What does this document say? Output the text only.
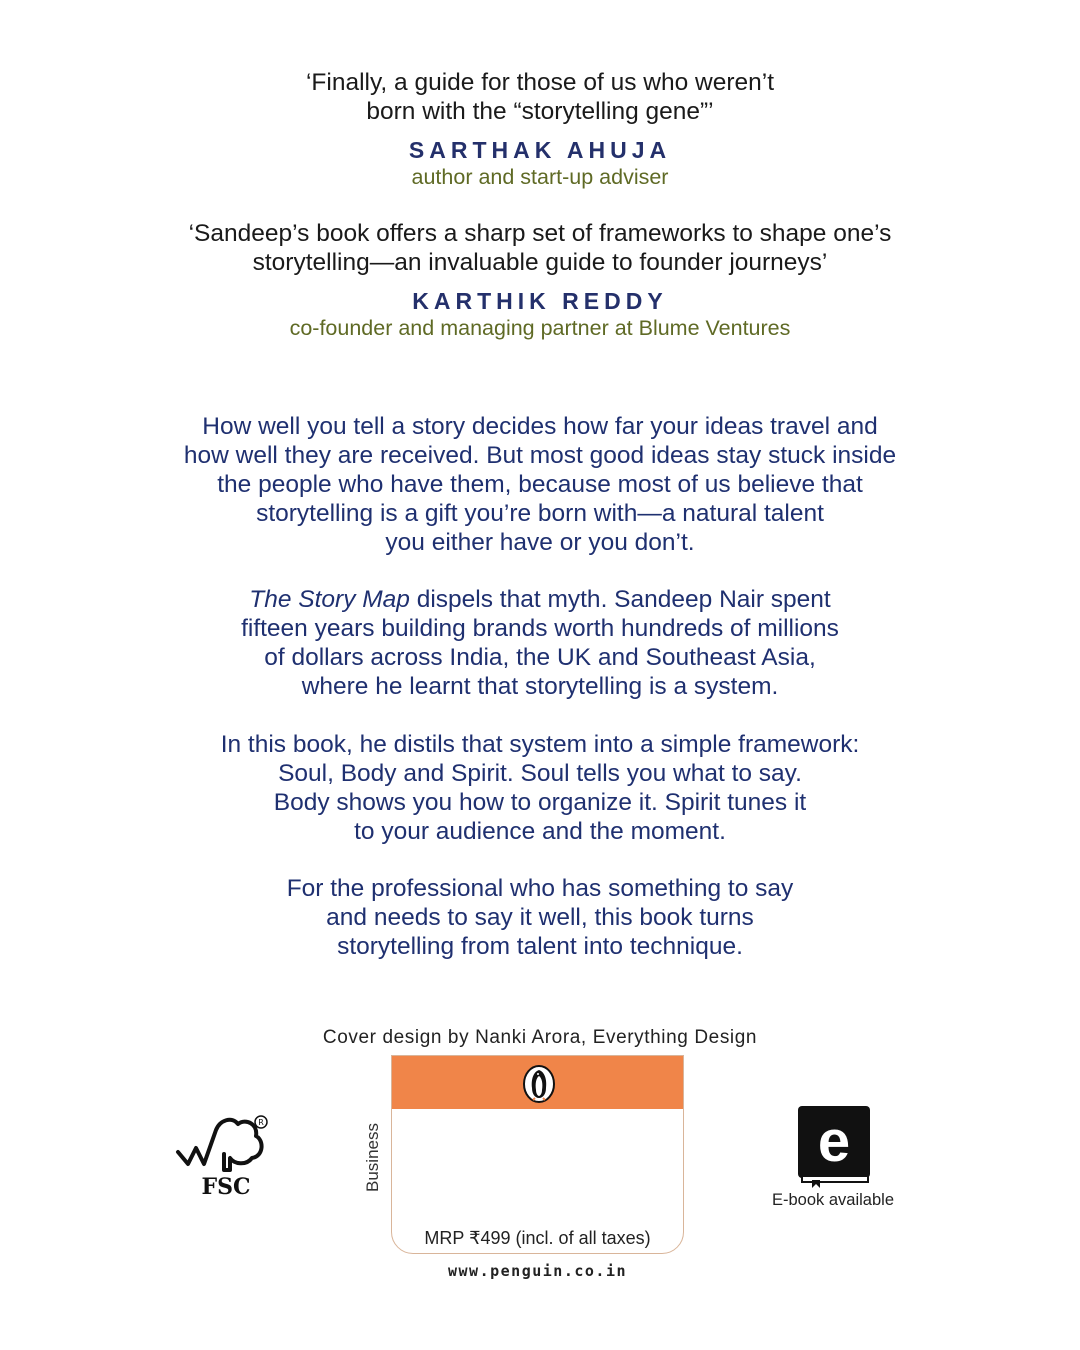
‘Finally, a guide for those of us who weren’t
born with the “storytelling gene”’
SARTHAK AHUJA
author and start-up adviser
‘Sandeep’s book offers a sharp set of frameworks to shape one’s
storytelling—an invaluable guide to founder journeys’
KARTHIK REDDY
co-founder and managing partner at Blume Ventures
How well you tell a story decides how far your ideas travel and
how well they are received. But most good ideas stay stuck inside
the people who have them, because most of us believe that
storytelling is a gift you’re born with—a natural talent
you either have or you don’t.
The Story Map dispels that myth. Sandeep Nair spent
fifteen years building brands worth hundreds of millions
of dollars across India, the UK and Southeast Asia,
where he learnt that storytelling is a system.
In this book, he distils that system into a simple framework:
Soul, Body and Spirit. Soul tells you what to say.
Body shows you how to organize it. Spirit tunes it
to your audience and the moment.
For the professional who has something to say
and needs to say it well, this book turns
storytelling from talent into technique.
Cover design by Nanki Arora, Everything Design
R
FSC	Business
MRP ₹499 (incl. of all taxes)
www.penguin.co.in
e
E-book available
